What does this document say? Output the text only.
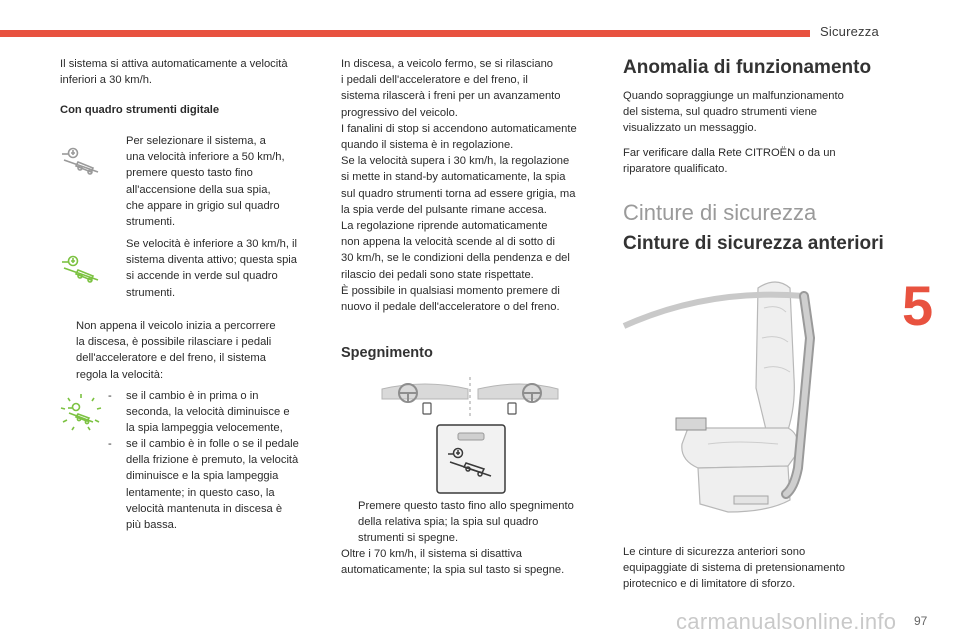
Sicurezza
5
97
carmanualsonline.info
Il sistema si attiva automaticamente a velocità
inferiori a 30 km/h.
Con quadro strumenti digitale
Per selezionare il sistema, a
una velocità inferiore a 50 km/h,
premere questo tasto fino
all'accensione della sua spia,
che appare in grigio sul quadro
strumenti.
Se velocità è inferiore a 30 km/h, il
sistema diventa attivo; questa spia
si accende in verde sul quadro
strumenti.
Non appena il veicolo inizia a percorrere
la discesa, è possibile rilasciare i pedali
dell'acceleratore e del freno, il sistema
regola la velocità:
- se il cambio è in prima o in
seconda, la velocità diminuisce e
la spia lampeggia velocemente,
- se il cambio è in folle o se il pedale
della frizione è premuto, la velocità
diminuisce e la spia lampeggia
lentamente; in questo caso, la
velocità mantenuta in discesa è
più bassa.
In discesa, a veicolo fermo, se si rilasciano
i pedali dell'acceleratore e del freno, il
sistema rilascerà i freni per un avanzamento
progressivo del veicolo.
I fanalini di stop si accendono automaticamente
quando il sistema è in regolazione.
Se la velocità supera i 30 km/h, la regolazione
si mette in stand-by automaticamente, la spia
sul quadro strumenti torna ad essere grigia, ma
la spia verde del pulsante rimane accesa.
La regolazione riprende automaticamente
non appena la velocità scende al di sotto di
30 km/h, se le condizioni della pendenza e del
rilascio dei pedali sono state rispettate.
È possibile in qualsiasi momento premere di
nuovo il pedale dell'acceleratore o del freno.
Spegnimento
Premere questo tasto fino allo spegnimento
della relativa spia; la spia sul quadro
strumenti si spegne.
Oltre i 70 km/h, il sistema si disattiva
automaticamente; la spia sul tasto si spegne.
Anomalia di funzionamento
Quando sopraggiunge un malfunzionamento
del sistema, sul quadro strumenti viene
visualizzato un messaggio.
Far verificare dalla Rete CITROËN o da un
riparatore qualificato.
Cinture di sicurezza
Cinture di sicurezza anteriori
Le cinture di sicurezza anteriori sono
equipaggiate di sistema di pretensionamento
pirotecnico e di limitatore di sforzo.
